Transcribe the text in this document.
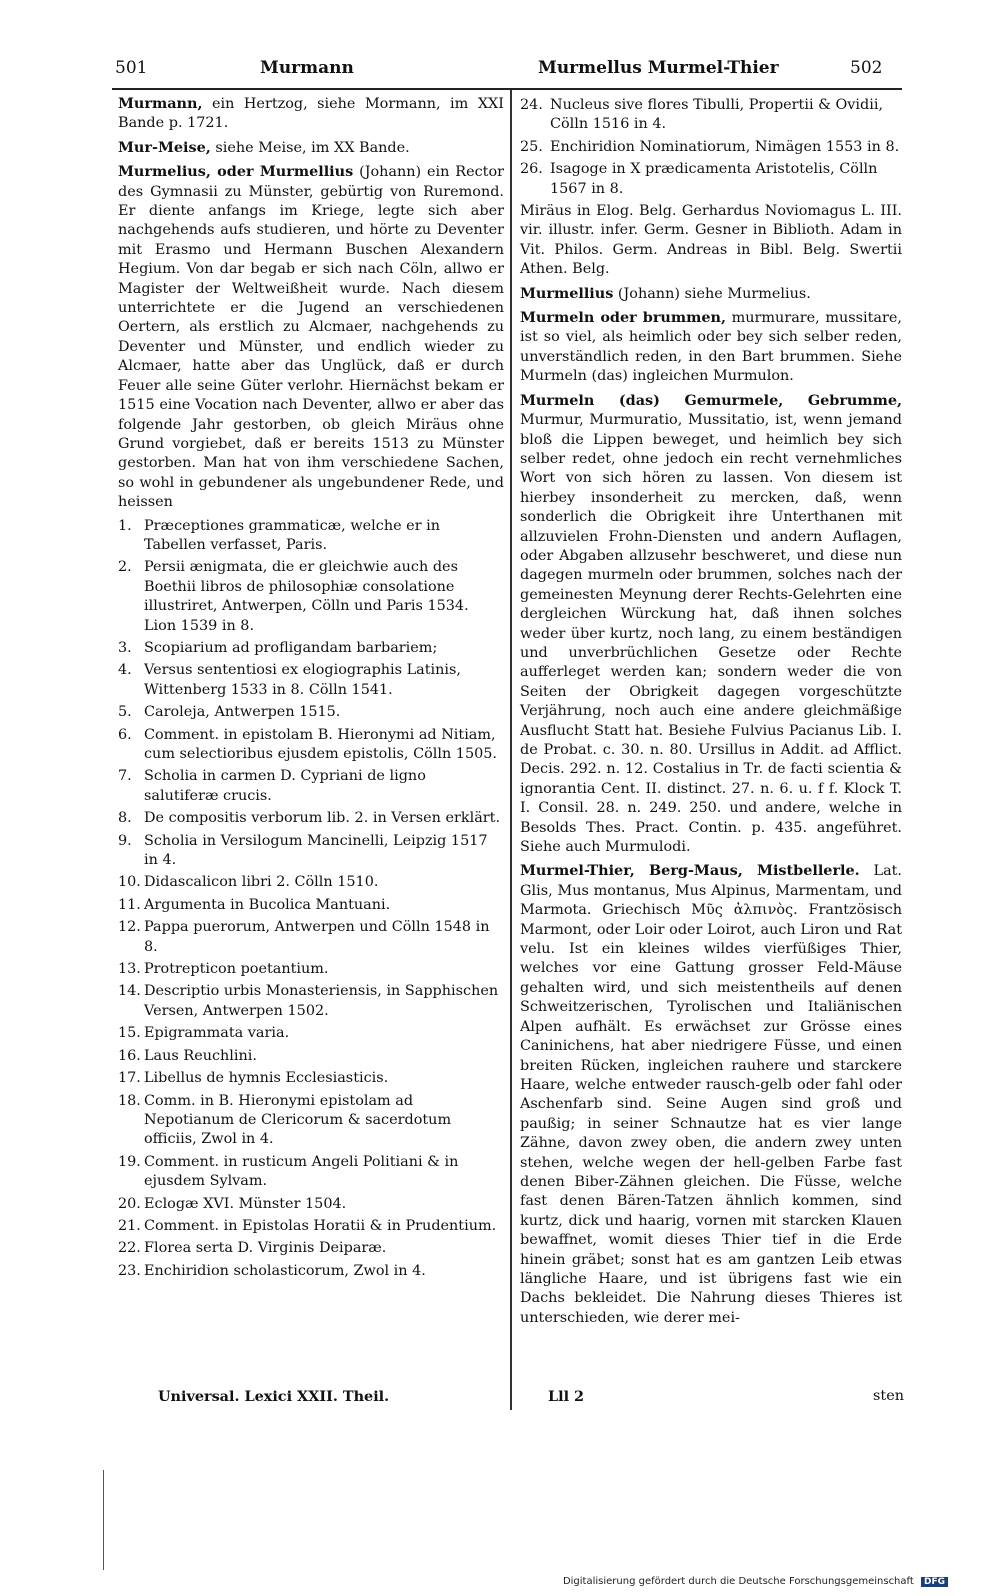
501	Murmann	Murmellus Murmel-Thier	502

Murmann, ein Hertzog, siehe Mormann, im XXI Bande p. 1721.

Mur-Meise, siehe Meise, im XX Bande.

Murmelius, oder Murmellius (Johann) ein Rector des Gymnasii zu Münster, gebürtig von Ruremond. Er diente anfangs im Kriege, legte sich aber nachgehends aufs studieren, und hörte zu Deventer mit Erasmo und Hermann Buschen Alexandern Hegium. Von dar begab er sich nach Cöln, allwo er Magister der Weltweißheit wurde. Nach diesem unterrichtete er die Jugend an verschiedenen Oertern, als erstlich zu Alcmaer, nachgehends zu Deventer und Münster, und endlich wieder zu Alcmaer, hatte aber das Unglück, daß er durch Feuer alle seine Güter verlohr. Hiernächst bekam er 1515 eine Vocation nach Deventer, allwo er aber das folgende Jahr gestorben, ob gleich Miräus ohne Grund vorgiebet, daß er bereits 1513 zu Münster gestorben. Man hat von ihm verschiedene Sachen, so wohl in gebundener als ungebundener Rede, und heissen

1. Præceptiones grammaticæ, welche er in Tabellen verfasset, Paris.
2. Persii ænigmata, die er gleichwie auch des Boethii libros de philosophiæ consolatione illustriret, Antwerpen, Cölln und Paris 1534. Lion 1539 in 8.
3. Scopiarium ad profligandam barbariem;
4. Versus sententiosi ex elogiographis Latinis, Wittenberg 1533 in 8. Cölln 1541.
5. Caroleja, Antwerpen 1515.
6. Comment. in epistolam B. Hieronymi ad Nitiam, cum selectioribus ejusdem epistolis, Cölln 1505.
7. Scholia in carmen D. Cypriani de ligno salutiferæ crucis.
8. De compositis verborum lib. 2. in Versen erklärt.
9. Scholia in Versilogum Mancinelli, Leipzig 1517 in 4.
10. Didascalicon libri 2. Cölln 1510.
11. Argumenta in Bucolica Mantuani.
12. Pappa puerorum, Antwerpen und Cölln 1548 in 8.
13. Protrepticon poetantium.
14. Descriptio urbis Monasteriensis, in Sapphischen Versen, Antwerpen 1502.
15. Epigrammata varia.
16. Laus Reuchlini.
17. Libellus de hymnis Ecclesiasticis.
18. Comm. in B. Hieronymi epistolam ad Nepotianum de Clericorum & sacerdotum officiis, Zwol in 4.
19. Comment. in rusticum Angeli Politiani & in ejusdem Sylvam.
20. Eclogæ XVI. Münster 1504.
21. Comment. in Epistolas Horatii & in Prudentium.
22. Florea serta D. Virginis Deiparæ.
23. Enchiridion scholasticorum, Zwol in 4.
Universal. Lexici XXII. Theil.
24. Nucleus sive flores Tibulli, Propertii & Ovidii, Cölln 1516 in 4.
25. Enchiridion Nominatiorum, Nimägen 1553 in 8.
26. Isagoge in X prædicamenta Aristotelis, Cölln 1567 in 8.

Miräus in Elog. Belg. Gerhardus Noviomagus L. III. vir. illustr. infer. Germ. Gesner in Biblioth. Adam in Vit. Philos. Germ. Andreas in Bibl. Belg. Swertii Athen. Belg.

Murmellius (Johann) siehe Murmelius.

Murmeln oder brummen, murmurare, mussitare, ist so viel, als heimlich oder bey sich selber reden, unverständlich reden, in den Bart brummen. Siehe Murmeln (das) ingleichen Murmulon.

Murmeln (das) Gemurmele, Gebrumme, Murmur, Murmuratio, Mussitatio, ist, wenn jemand bloß die Lippen beweget, und heimlich bey sich selber redet, ohne jedoch ein recht vernehmliches Wort von sich hören zu lassen. Von diesem ist hierbey insonderheit zu mercken, daß, wenn sonderlich die Obrigkeit ihre Unterthanen mit allzuvielen Frohn-Diensten und andern Auflagen, oder Abgaben allzusehr beschweret, und diese nun dagegen murmeln oder brummen, solches nach der gemeinesten Meynung derer Rechts-Gelehrten eine dergleichen Würckung hat, daß ihnen solches weder über kurtz, noch lang, zu einem beständigen und unverbrüchlichen Gesetze oder Rechte aufferleget werden kan; sondern weder die von Seiten der Obrigkeit dagegen vorgeschützte Verjährung, noch auch eine andere gleichmäßige Ausflucht Statt hat. Besiehe Fulvius Pacianus Lib. I. de Probat. c. 30. n. 80. Ursillus in Addit. ad Afflict. Decis. 292. n. 12. Costalius in Tr. de facti scientia & ignorantia Cent. II. distinct. 27. n. 6. u. f f. Klock T. I. Consil. 28. n. 249. 250. und andere, welche in Besolds Thes. Pract. Contin. p. 435. angeführet. Siehe auch Murmulodi.

Murmel-Thier, Berg-Maus, Mistbellerle. Lat. Glis, Mus montanus, Mus Alpinus, Marmentam, und Marmota. Griechisch Μῦς ἀλπινὸς. Frantzösisch Marmont, oder Loir oder Loirot, auch Liron und Rat velu. Ist ein kleines wildes vierfüßiges Thier, welches vor eine Gattung grosser Feld-Mäuse gehalten wird, und sich meistentheils auf denen Schweitzerischen, Tyrolischen und Italiänischen Alpen aufhält. Es erwächset zur Grösse eines Caninichens, hat aber niedrigere Füsse, und einen breiten Rücken, ingleichen rauhere und starckere Haare, welche entweder rausch-gelb oder fahl oder Aschenfarb sind. Seine Augen sind groß und paußig; in seiner Schnautze hat es vier lange Zähne, davon zwey oben, die andern zwey unten stehen, welche wegen der hell-gelben Farbe fast denen Biber-Zähnen gleichen. Die Füsse, welche fast denen Bären-Tatzen ähnlich kommen, sind kurtz, dick und haarig, vornen mit starcken Klauen bewaffnet, womit dieses Thier tief in die Erde hinein gräbet; sonst hat es am gantzen Leib etwas längliche Haare, und ist übrigens fast wie ein Dachs bekleidet. Die Nahrung dieses Thieres ist unterschieden, wie derer mei-

Lll 2	sten
Digitalisierung gefördert durch die Deutsche Forschungsgemeinschaft DFG
